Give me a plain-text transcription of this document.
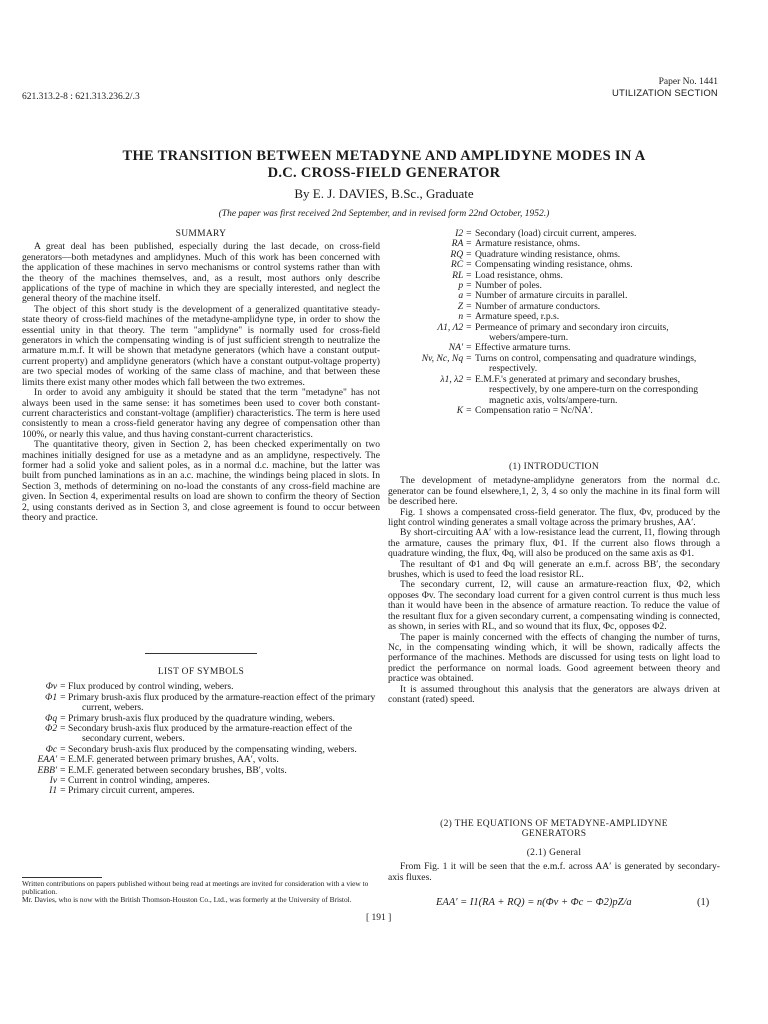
621.313.2-8 : 621.313.236.2/.3
Paper No. 1441
UTILIZATION SECTION
THE TRANSITION BETWEEN METADYNE AND AMPLIDYNE MODES IN A
D.C. CROSS-FIELD GENERATOR
By E. J. DAVIES, B.Sc., Graduate
(The paper was first received 2nd September, and in revised form 22nd October, 1952.)
SUMMARY

A great deal has been published, especially during the last decade, on cross-field generators—both metadynes and amplidynes. Much of this work has been concerned with the application of these machines in servo mechanisms or control systems rather than with the theory of the machines themselves, and, as a result, most authors only describe applications of the type of machine in which they are specially interested, and neglect the general theory of the machine itself.

The object of this short study is the development of a generalized quantitative steady-state theory of cross-field machines of the metadyne-amplidyne type, in order to show the essential unity in that theory. The term "amplidyne" is normally used for cross-field generators in which the compensating winding is of just sufficient strength to neutralize the armature m.m.f. It will be shown that metadyne generators (which have a constant output-current property) and amplidyne generators (which have a constant output-voltage property) are two special modes of working of the same class of machine, and that between these limits there exist many other modes which fall between the two extremes.

In order to avoid any ambiguity it should be stated that the term "metadyne" has not always been used in the same sense: it has sometimes been used to cover both constant-current characteristics and constant-voltage (amplifier) characteristics. The term is here used consistently to mean a cross-field generator having any degree of compensation other than 100%, or nearly this value, and thus having constant-current characteristics.

The quantitative theory, given in Section 2, has been checked experimentally on two machines initially designed for use as a metadyne and as an amplidyne, respectively. The former had a solid yoke and salient poles, as in a normal d.c. machine, but the latter was built from punched laminations as in an a.c. machine, the windings being placed in slots. In Section 3, methods of determining on no-load the constants of any cross-field machine are given. In Section 4, experimental results on load are shown to confirm the theory of Section 2, using constants derived as in Section 3, and close agreement is found to occur between theory and practice.

LIST OF SYMBOLS
Φv = Flux produced by control winding, webers.
Φ1 = Primary brush-axis flux produced by the armature-reaction effect of the primary current, webers.
Φq = Primary brush-axis flux produced by the quadrature winding, webers.
Φ2 = Secondary brush-axis flux produced by the armature-reaction effect of the secondary current, webers.
Φc = Secondary brush-axis flux produced by the compensating winding, webers.
EAA′ = E.M.F. generated between primary brushes, AA′, volts.
EBB′ = E.M.F. generated between secondary brushes, BB′, volts.
Iv = Current in control winding, amperes.
I1 = Primary circuit current, amperes.
Written contributions on papers published without being read at meetings are invited for consideration with a view to publication.
Mr. Davies, who is now with the British Thomson-Houston Co., Ltd., was formerly at the University of Bristol.
I2 = Secondary (load) circuit current, amperes.
RA = Armature resistance, ohms.
RQ = Quadrature winding resistance, ohms.
RC = Compensating winding resistance, ohms.
RL = Load resistance, ohms.
p = Number of poles.
a = Number of armature circuits in parallel.
Z = Number of armature conductors.
n = Armature speed, r.p.s.
Λ1, Λ2 = Permeance of primary and secondary iron circuits, webers/ampere-turn.
NA′ = Effective armature turns.
Nv, Nc, Nq = Turns on control, compensating and quadrature windings, respectively.
λ1, λ2 = E.M.F.'s generated at primary and secondary brushes, respectively, by one ampere-turn on the corresponding magnetic axis, volts/ampere-turn.
K = Compensation ratio = Nc/NA′.
(1) INTRODUCTION

The development of metadyne-amplidyne generators from the normal d.c. generator can be found elsewhere,1, 2, 3, 4 so only the machine in its final form will be described here.

Fig. 1 shows a compensated cross-field generator. The flux, Φv, produced by the light control winding generates a small voltage across the primary brushes, AA′.

By short-circuiting AA′ with a low-resistance lead the current, I1, flowing through the armature, causes the primary flux, Φ1. If the current also flows through a quadrature winding, the flux, Φq, will also be produced on the same axis as Φ1.

The resultant of Φ1 and Φq will generate an e.m.f. across BB′, the secondary brushes, which is used to feed the load resistor RL.

The secondary current, I2, will cause an armature-reaction flux, Φ2, which opposes Φv. The secondary load current for a given control current is thus much less than it would have been in the absence of armature reaction. To reduce the value of the resultant flux for a given secondary current, a compensating winding is connected, as shown, in series with RL, and so wound that its flux, Φc, opposes Φ2.

The paper is mainly concerned with the effects of changing the number of turns, Nc, in the compensating winding which, it will be shown, radically affects the performance of the machines. Methods are discussed for using tests on light load to predict the performance on normal loads. Good agreement between theory and practice was obtained.

It is assumed throughout this analysis that the generators are always driven at constant (rated) speed.

(2) THE EQUATIONS OF METADYNE-AMPLIDYNE
GENERATORS
(2.1) General

From Fig. 1 it will be seen that the e.m.f. across AA′ is generated by secondary-axis fluxes.

EAA′ = I1(RA + RQ) = n(Φv + Φc − Φ2)pZ/a	(1)
[ 191 ]
